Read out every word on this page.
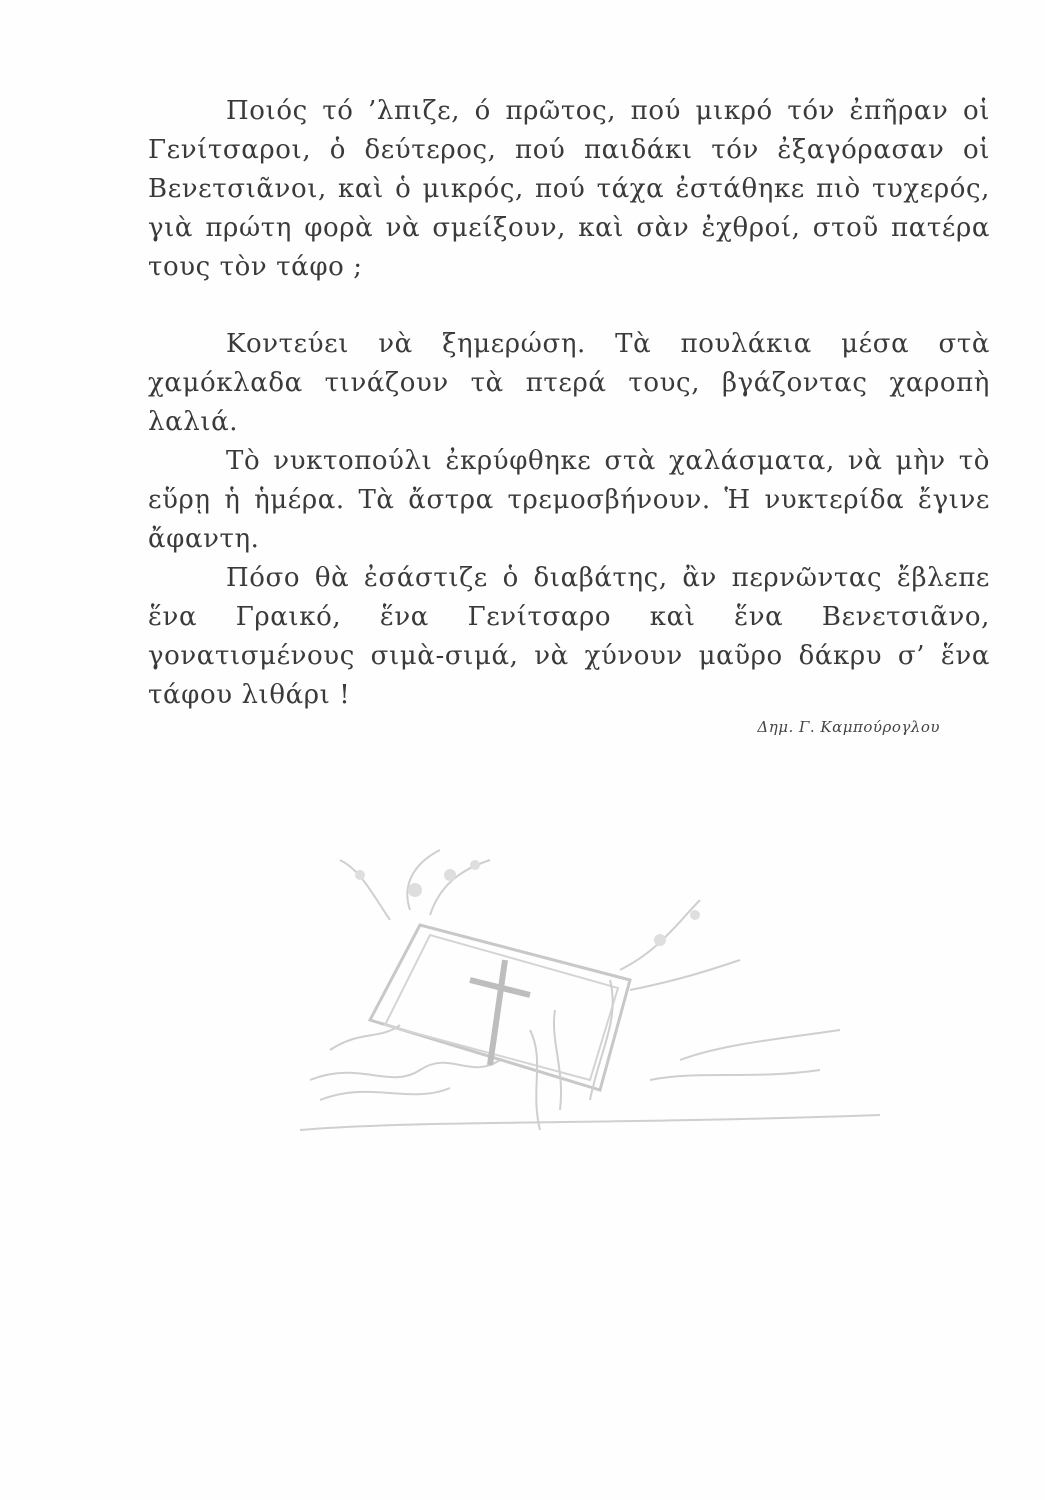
Ποιός τό ’λπιζε, ό πρῶτος, πού μικρό τόν ἐπῆραν οἱ Γενίτσαροι, ὁ δεύτερος, πού παιδάκι τόν ἐξαγόρασαν οἱ Βενετσιᾶνοι, καὶ ὁ μικρός, πού τάχα ἐστάθηκε πιὸ τυχερός, γιὰ πρώτη φορὰ νὰ σμείξουν, καὶ σὰν ἐχθροί, στοῦ πατέρα τους τὸν τάφο ;

Κοντεύει νὰ ξημερώση. Τὰ πουλάκια μέσα στὰ χαμόκλαδα τινάζουν τὰ πτερά τους, βγάζοντας χαροπὴ λαλιά.

Τὸ νυκτοπούλι ἐκρύφθηκε στὰ χαλάσματα, νὰ μὴν τὸ εὕρῃ ἡ ἡμέρα. Τὰ ἄστρα τρεμοσβήνουν. Ἡ νυκτερίδα ἔγινε ἄφαντη.

Πόσο θὰ ἐσάστιζε ὁ διαβάτης, ἂν περνῶντας ἔβλεπε ἕνα Γραικό, ἕνα Γενίτσαρο καὶ ἕνα Βενετσιᾶνο, γονατισμένους σιμὰ-σιμά, νὰ χύνουν μαῦρο δάκρυ σ’ ἕνα τάφου λιθάρι !

Δημ. Γ. Καμπούρογλου
